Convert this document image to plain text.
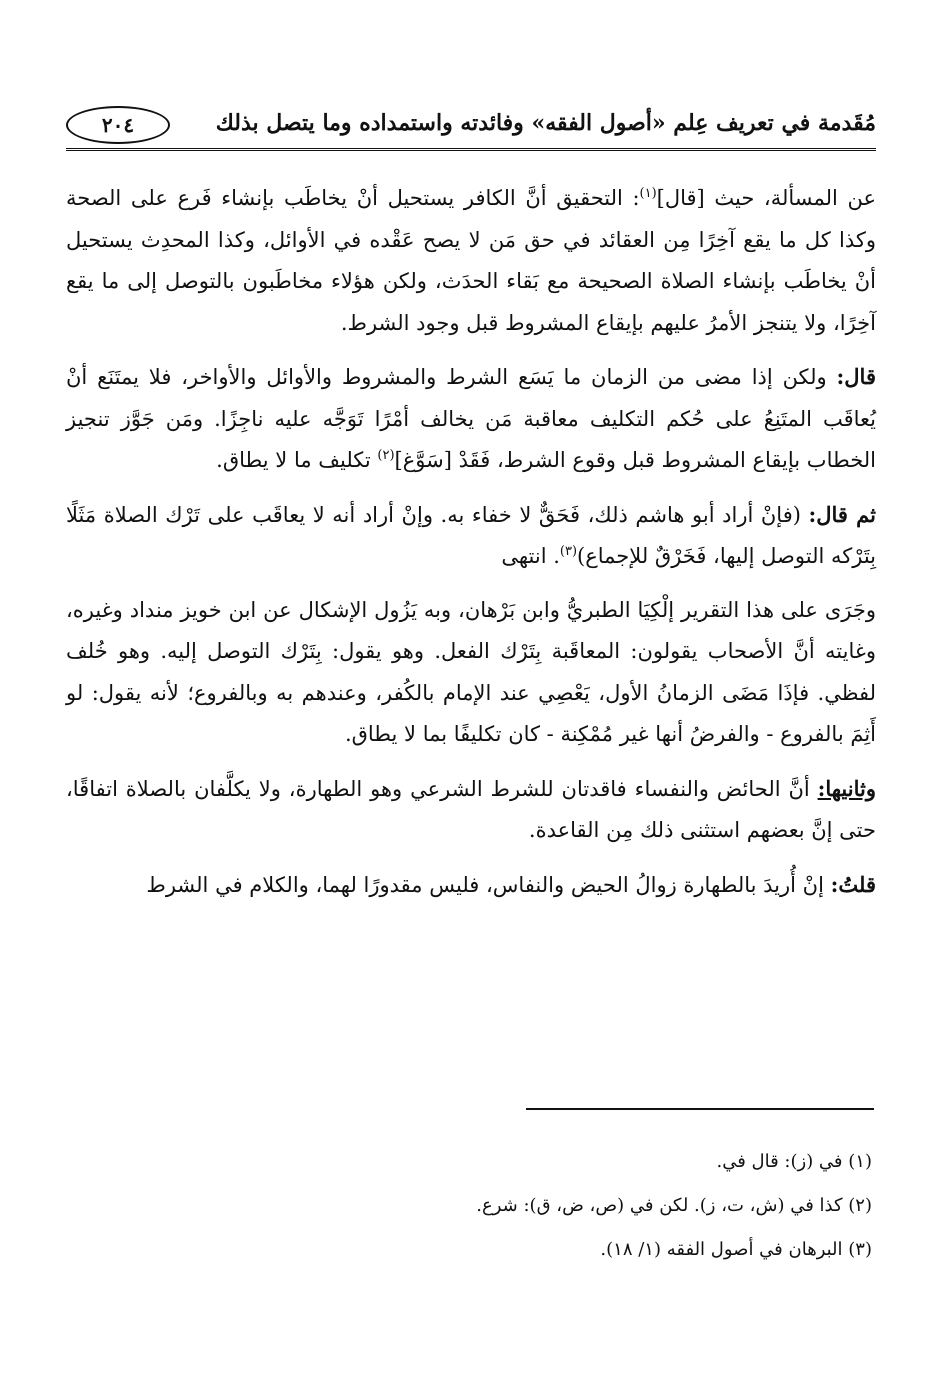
مُقَدمة في تعريف عِلم «أصول الفقه» وفائدته واستمداده وما يتصل بذلك
٢٠٤

عن المسألة، حيث [قال]$^{(١)}$: التحقيق أنَّ الكافر يستحيل أنْ يخاطَب بإنشاء فَرع على الصحة وكذا كل ما يقع آخِرًا مِن العقائد في حق مَن لا يصح عَقْده في الأوائل، وكذا المحدِث يستحيل أنْ يخاطَب بإنشاء الصلاة الصحيحة مع بَقاء الحدَث، ولكن هؤلاء مخاطَبون بالتوصل إلى ما يقع آخِرًا، ولا يتنجز الأمرُ عليهم بإيقاع المشروط قبل وجود الشرط.

قال: ولكن إذا مضى من الزمان ما يَسَع الشرط والمشروط والأوائل والأواخر، فلا يمتَنَع أنْ يُعاقَب المتَنِعُ على حُكم التكليف معاقبة مَن يخالف أمْرًا تَوَجَّه عليه ناجِزًا. ومَن جَوَّز تنجيز الخطاب بإيقاع المشروط قبل وقوع الشرط، فَقَدْ [سَوَّغ]$^{(٢)}$ تكليف ما لا يطاق.

ثم قال: (فإنْ أراد أبو هاشم ذلك، فَحَقٌّ لا خفاء به. وإنْ أراد أنه لا يعاقَب على تَرْك الصلاة مَثَلًا بِتَرْكه التوصل إليها، فَخَرْقٌ للإجماع)$^{(٣)}$. انتهى

وجَرَى على هذا التقرير إلْكِيَا الطبريُّ وابن بَرْهان، وبه يَزُول الإشكال عن ابن خويز منداد وغيره، وغايته أنَّ الأصحاب يقولون: المعاقَبة بِتَرْك الفعل. وهو يقول: بِتَرْك التوصل إليه. وهو خُلف لفظي. فإذَا مَضَى الزمانُ الأول، يَعْصِي عند الإمام بالكُفر، وعندهم به وبالفروع؛ لأنه يقول: لو أَثِمَ بالفروع - والفرضُ أنها غير مُمْكِنة - كان تكليفًا بما لا يطاق.

وثانيها: أنَّ الحائض والنفساء فاقدتان للشرط الشرعي وهو الطهارة، ولا يكلَّفان بالصلاة اتفاقًا، حتى إنَّ بعضهم استثنى ذلك مِن القاعدة.

قلتُ: إنْ أُريدَ بالطهارة زوالُ الحيض والنفاس، فليس مقدورًا لهما، والكلام في الشرط

(١) في (ز): قال في.

(٢) كذا في (ش، ت، ز). لكن في (ص، ض، ق): شرع.

(٣) البرهان في أصول الفقه (١/ ١٨).
